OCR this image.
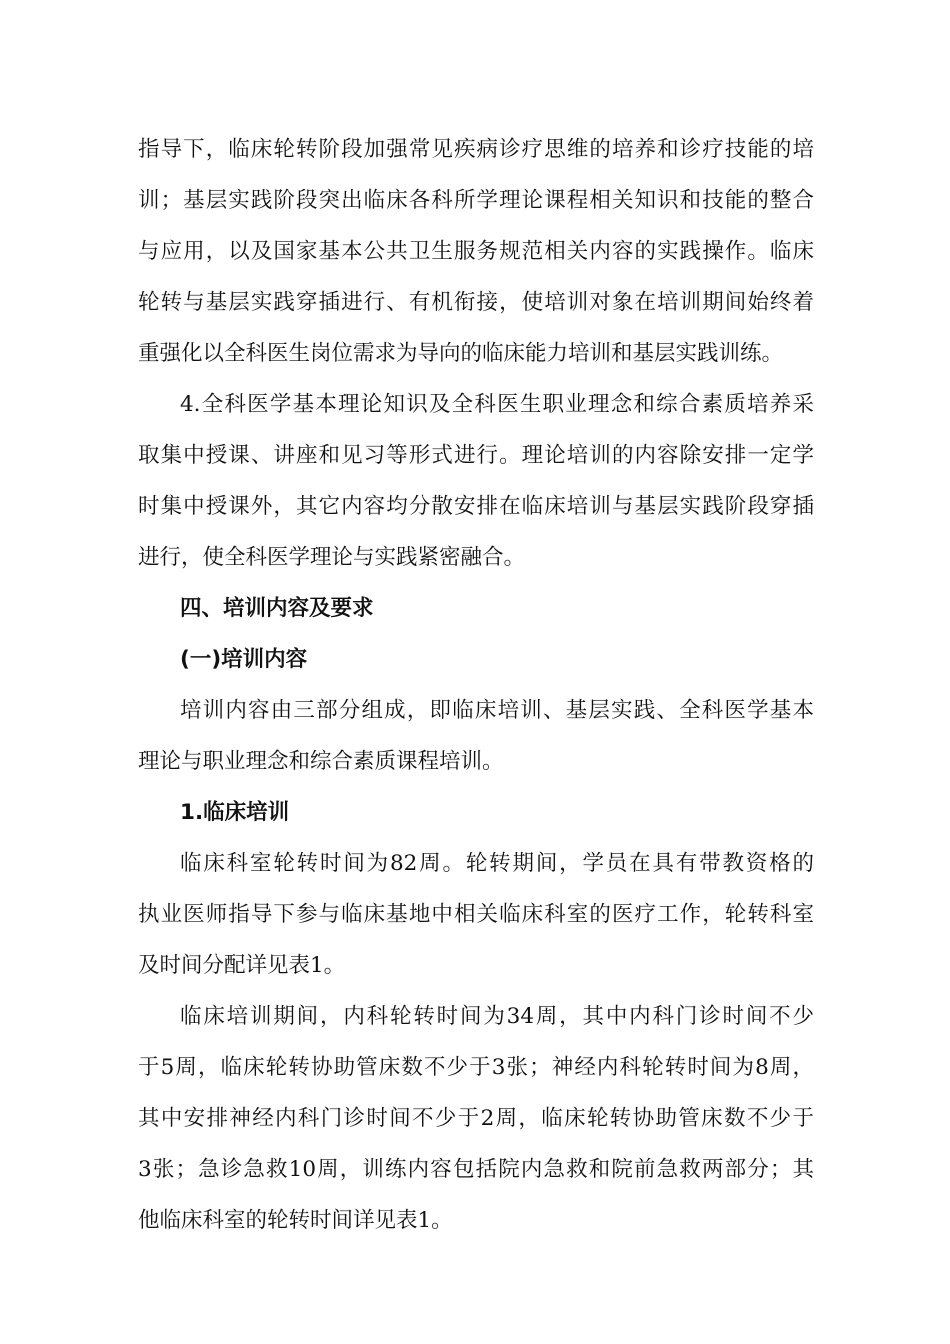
指导下，临床轮转阶段加强常见疾病诊疗思维的培养和诊疗技能的培
训；基层实践阶段突出临床各科所学理论课程相关知识和技能的整合
与应用，以及国家基本公共卫生服务规范相关内容的实践操作。临床
轮转与基层实践穿插进行、有机衔接，使培训对象在培训期间始终着
重强化以全科医生岗位需求为导向的临床能力培训和基层实践训练。
4.全科医学基本理论知识及全科医生职业理念和综合素质培养采
取集中授课、讲座和见习等形式进行。理论培训的内容除安排一定学
时集中授课外，其它内容均分散安排在临床培训与基层实践阶段穿插
进行，使全科医学理论与实践紧密融合。
四、培训内容及要求
(一)培训内容
培训内容由三部分组成，即临床培训、基层实践、全科医学基本
理论与职业理念和综合素质课程培训。
1.临床培训
临床科室轮转时间为82周。轮转期间，学员在具有带教资格的
执业医师指导下参与临床基地中相关临床科室的医疗工作，轮转科室
及时间分配详见表1。
临床培训期间，内科轮转时间为34周，其中内科门诊时间不少
于5周，临床轮转协助管床数不少于3张；神经内科轮转时间为8周，
其中安排神经内科门诊时间不少于2周，临床轮转协助管床数不少于
3张；急诊急救10周，训练内容包括院内急救和院前急救两部分；其
他临床科室的轮转时间详见表1。
